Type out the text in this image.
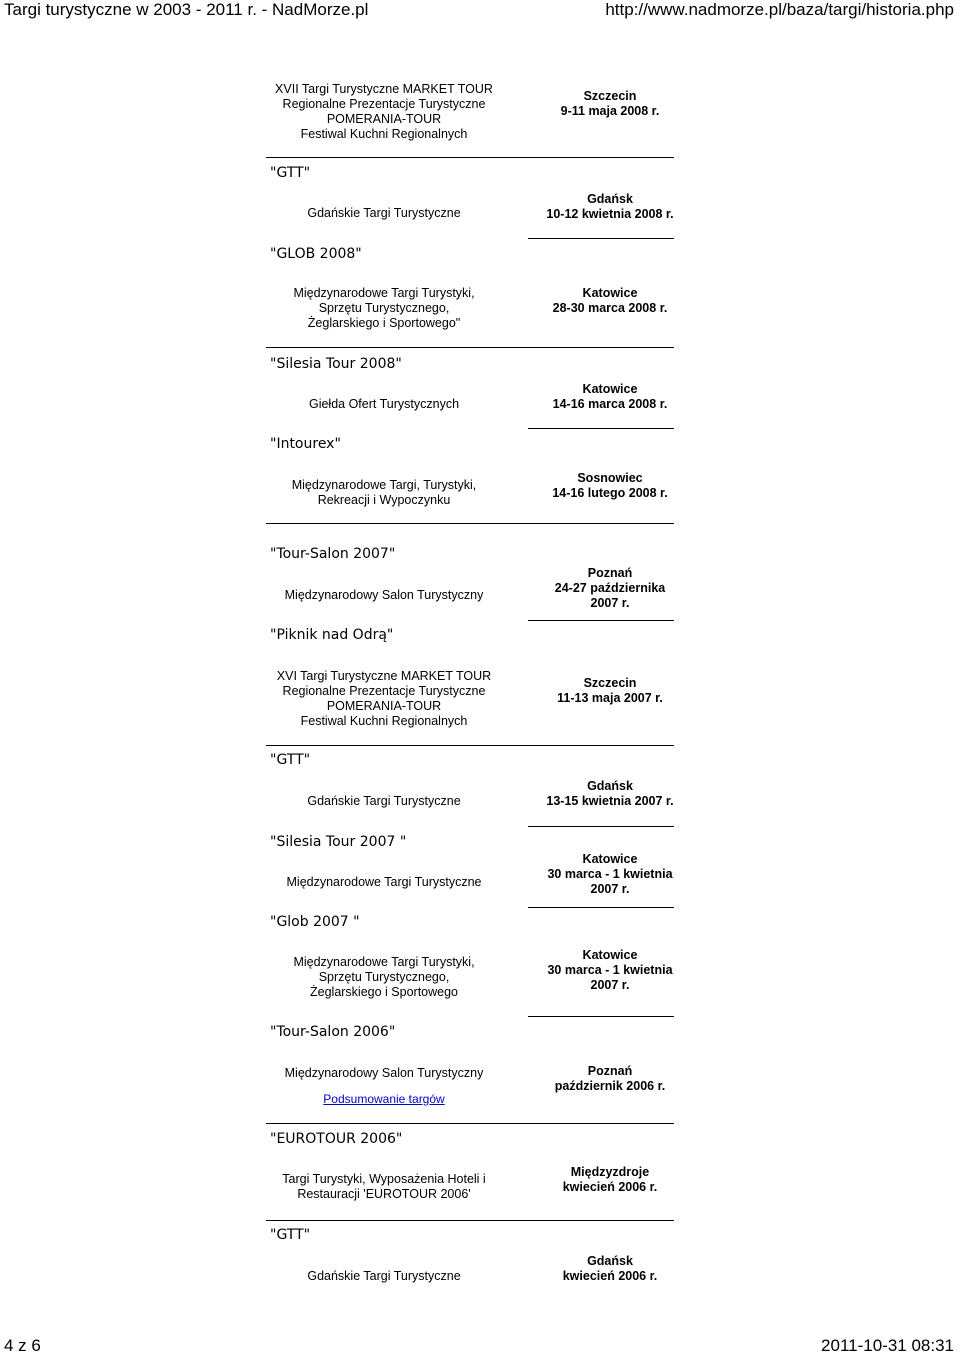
Targi turystyczne w 2003 - 2011 r. - NadMorze.pl	http://www.nadmorze.pl/baza/targi/historia.php
XVII Targi Turystyczne MARKET TOUR
Regionalne Prezentacje Turystyczne
POMERANIA-TOUR
Festiwal Kuchni Regionalnych
Szczecin
9-11 maja 2008 r.
"GTT"
Gdańskie Targi Turystyczne
Gdańsk
10-12 kwietnia 2008 r.
"GLOB 2008"
Międzynarodowe Targi Turystyki,
Sprzętu Turystycznego,
Żeglarskiego i Sportowego"
Katowice
28-30 marca 2008 r.
"Silesia Tour 2008"
Giełda Ofert Turystycznych
Katowice
14-16 marca 2008 r.
"Intourex"
Międzynarodowe Targi, Turystyki,
Rekreacji i Wypoczynku
Sosnowiec
14-16 lutego 2008 r.
"Tour-Salon 2007"
Międzynarodowy Salon Turystyczny
Poznań
24-27 października
2007 r.
"Piknik nad Odrą"
XVI Targi Turystyczne MARKET TOUR
Regionalne Prezentacje Turystyczne
POMERANIA-TOUR
Festiwal Kuchni Regionalnych
Szczecin
11-13 maja 2007 r.
"GTT"
Gdańskie Targi Turystyczne
Gdańsk
13-15 kwietnia 2007 r.
"Silesia Tour 2007 "
Międzynarodowe Targi Turystyczne
Katowice
30 marca - 1 kwietnia
2007 r.
"Glob 2007 "
Międzynarodowe Targi Turystyki,
Sprzętu Turystycznego,
Żeglarskiego i Sportowego
Katowice
30 marca - 1 kwietnia
2007 r.
"Tour-Salon 2006"
Międzynarodowy Salon Turystyczny
Podsumowanie targów
Poznań
październik 2006 r.
"EUROTOUR 2006"
Targi Turystyki, Wyposażenia Hoteli i
Restauracji 'EUROTOUR 2006'
Międzyzdroje
kwiecień 2006 r.
"GTT"
Gdańskie Targi Turystyczne
Gdańsk
kwiecień 2006 r.
4 z 6	2011-10-31 08:31
